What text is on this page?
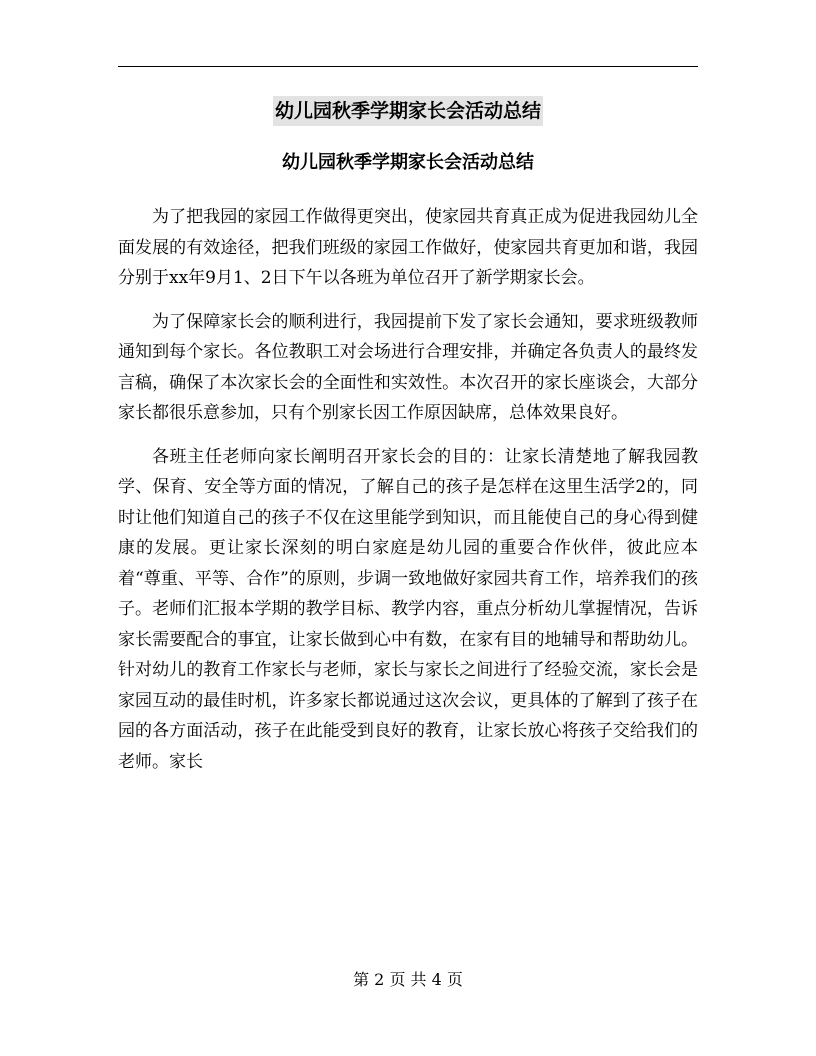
幼儿园秋季学期家长会活动总结
幼儿园秋季学期家长会活动总结

为了把我园的家园工作做得更突出，使家园共育真正成为促进我园幼儿全面发展的有效途径，把我们班级的家园工作做好，使家园共育更加和谐，我园分别于xx年9月1、2日下午以各班为单位召开了新学期家长会。

为了保障家长会的顺利进行，我园提前下发了家长会通知，要求班级教师通知到每个家长。各位教职工对会场进行合理安排，并确定各负责人的最终发言稿，确保了本次家长会的全面性和实效性。本次召开的家长座谈会，大部分家长都很乐意参加，只有个别家长因工作原因缺席，总体效果良好。

各班主任老师向家长阐明召开家长会的目的：让家长清楚地了解我园教学、保育、安全等方面的情况，了解自己的孩子是怎样在这里生活学2的，同时让他们知道自己的孩子不仅在这里能学到知识，而且能使自己的身心得到健康的发展。更让家长深刻的明白家庭是幼儿园的重要合作伙伴，彼此应本着“尊重、平等、合作”的原则，步调一致地做好家园共育工作，培养我们的孩子。老师们汇报本学期的教学目标、教学内容，重点分析幼儿掌握情况，告诉家长需要配合的事宜，让家长做到心中有数，在家有目的地辅导和帮助幼儿。针对幼儿的教育工作家长与老师，家长与家长之间进行了经验交流，家长会是家园互动的最佳时机，许多家长都说通过这次会议，更具体的了解到了孩子在园的各方面活动，孩子在此能受到良好的教育，让家长放心将孩子交给我们的老师。家长

第 2 页 共 4 页
